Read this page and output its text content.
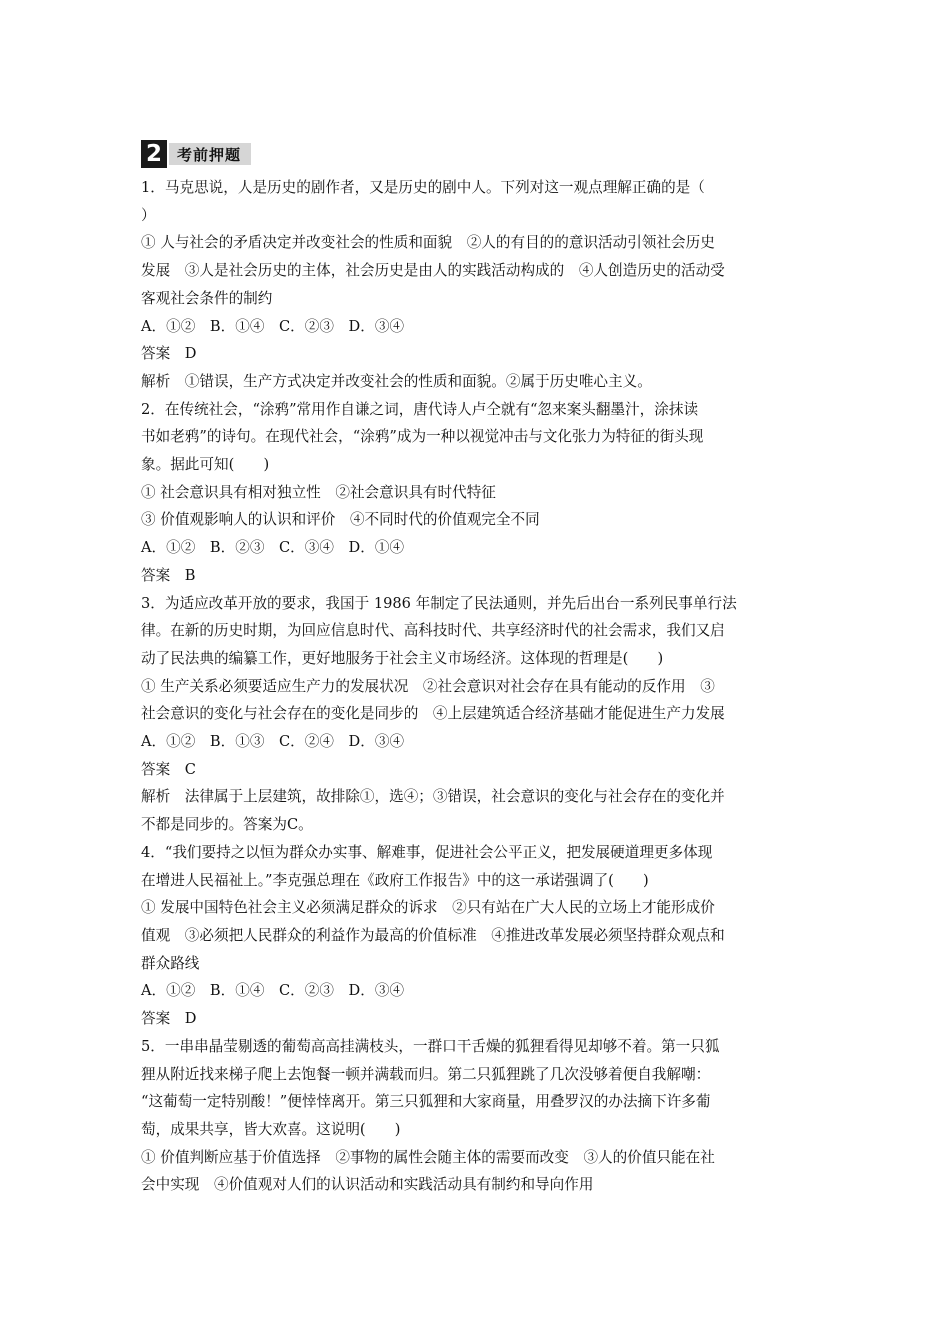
2	考前押题
1．马克思说，人是历史的剧作者，又是历史的剧中人。下列对这一观点理解正确的是（
）
① 人与社会的矛盾决定并改变社会的性质和面貌　②人的有目的的意识活动引领社会历史
发展　③人是社会历史的主体，社会历史是由人的实践活动构成的　④人创造历史的活动受
客观社会条件的制约
A．①②　B．①④　C．②③　D．③④
答案　D
解析　①错误，生产方式决定并改变社会的性质和面貌。②属于历史唯心主义。
2．在传统社会，“涂鸦”常用作自谦之词，唐代诗人卢仝就有“忽来案头翻墨汁，涂抹读
书如老鸦”的诗句。在现代社会，“涂鸦”成为一种以视觉冲击与文化张力为特征的街头现
象。据此可知(　　)
① 社会意识具有相对独立性　②社会意识具有时代特征
③ 价值观影响人的认识和评价　④不同时代的价值观完全不同
A．①②　B．②③　C．③④　D．①④
答案　B
3．为适应改革开放的要求，我国于 1986 年制定了民法通则，并先后出台一系列民事单行法
律。在新的历史时期，为回应信息时代、高科技时代、共享经济时代的社会需求，我们又启
动了民法典的编纂工作，更好地服务于社会主义市场经济。这体现的哲理是(　　)
① 生产关系必须要适应生产力的发展状况　②社会意识对社会存在具有能动的反作用　③
社会意识的变化与社会存在的变化是同步的　④上层建筑适合经济基础才能促进生产力发展
A．①②　B．①③　C．②④　D．③④
答案　C
解析　法律属于上层建筑，故排除①，选④；③错误，社会意识的变化与社会存在的变化并
不都是同步的。答案为C。
4．“我们要持之以恒为群众办实事、解难事，促进社会公平正义，把发展硬道理更多体现
在增进人民福祉上。”李克强总理在《政府工作报告》中的这一承诺强调了(　　)
① 发展中国特色社会主义必须满足群众的诉求　②只有站在广大人民的立场上才能形成价
值观　③必须把人民群众的利益作为最高的价值标准　④推进改革发展必须坚持群众观点和
群众路线
A．①②　B．①④　C．②③　D．③④
答案　D
5．一串串晶莹剔透的葡萄高高挂满枝头，一群口干舌燥的狐狸看得见却够不着。第一只狐
狸从附近找来梯子爬上去饱餐一顿并满载而归。第二只狐狸跳了几次没够着便自我解嘲：
“这葡萄一定特别酸！”便悻悻离开。第三只狐狸和大家商量，用叠罗汉的办法摘下许多葡
萄，成果共享，皆大欢喜。这说明(　　)
① 价值判断应基于价值选择　②事物的属性会随主体的需要而改变　③人的价值只能在社
会中实现　④价值观对人们的认识活动和实践活动具有制约和导向作用
